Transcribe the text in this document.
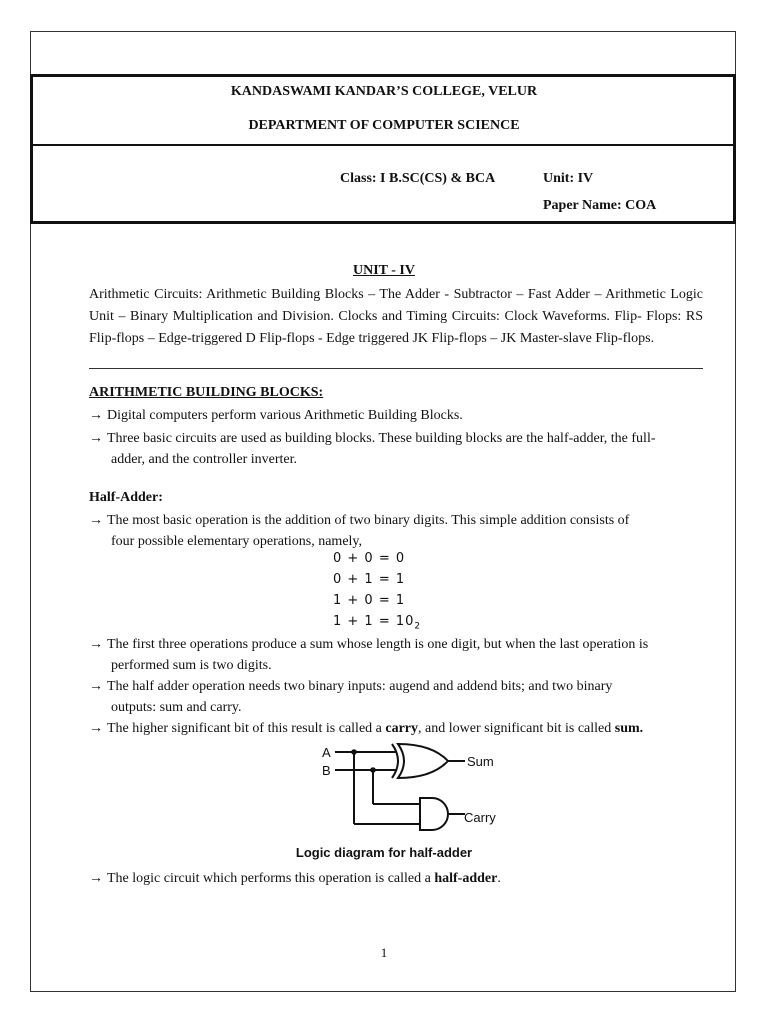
KANDASWAMI KANDAR’S COLLEGE, VELUR
DEPARTMENT OF COMPUTER SCIENCE
Class: I B.SC(CS) & BCA	Unit: IV
Paper Name: COA
UNIT - IV

Arithmetic Circuits: Arithmetic Building Blocks – The Adder - Subtractor – Fast Adder – Arithmetic Logic Unit – Binary Multiplication and Division. Clocks and Timing Circuits: Clock Waveforms. Flip- Flops: RS Flip-flops – Edge-triggered D Flip-flops - Edge triggered JK Flip-flops – JK Master-slave Flip-flops.

ARITHMETIC BUILDING BLOCKS:
→ Digital computers perform various Arithmetic Building Blocks.
→ Three basic circuits are used as building blocks. These building blocks are the half-adder, the full-
adder, and the controller inverter.
Half-Adder:
→ The most basic operation is the addition of two binary digits. This simple addition consists of
four possible elementary operations, namely,
0 + 0 = 0
0 + 1 = 1
1 + 0 = 1
$1 + 1 = 10_2$
→ The first three operations produce a sum whose length is one digit, but when the last operation is
performed sum is two digits.
→ The half adder operation needs two binary inputs: augend and addend bits; and two binary
outputs: sum and carry.
→ The higher significant bit of this result is called a carry, and lower significant bit is called sum.
A
B
Sum
Carry
Logic diagram for half-adder
→ The logic circuit which performs this operation is called a half-adder.
1
